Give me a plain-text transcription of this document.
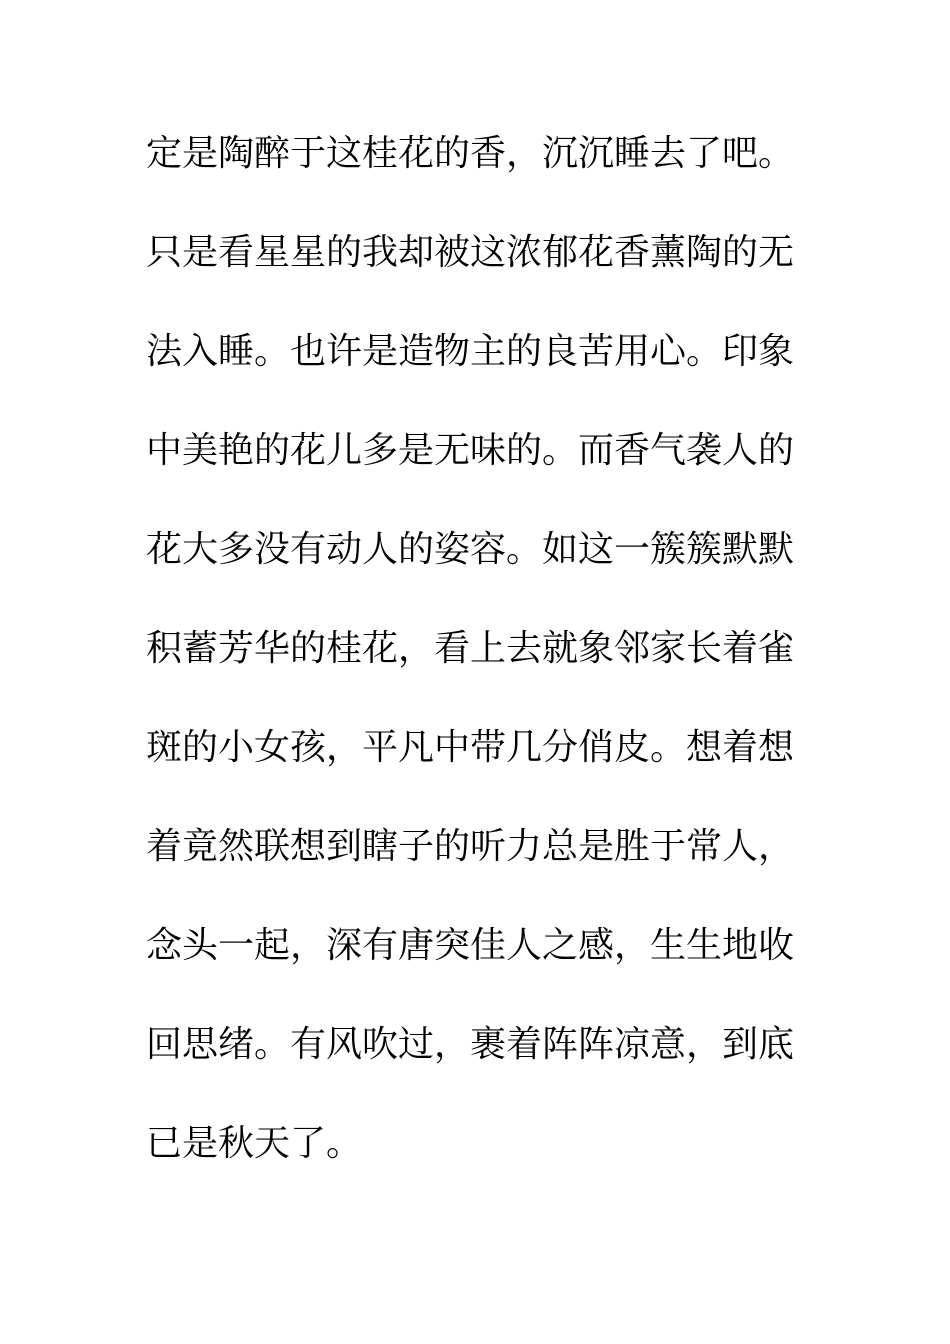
定是陶醉于这桂花的香，沉沉睡去了吧。
只是看星星的我却被这浓郁花香薰陶的无
法入睡。也许是造物主的良苦用心。印象
中美艳的花儿多是无味的。而香气袭人的
花大多没有动人的姿容。如这一簇簇默默
积蓄芳华的桂花，看上去就象邻家长着雀
斑的小女孩，平凡中带几分俏皮。想着想
着竟然联想到瞎子的听力总是胜于常人，
念头一起，深有唐突佳人之感，生生地收
回思绪。有风吹过，裹着阵阵凉意，到底
已是秋天了。
